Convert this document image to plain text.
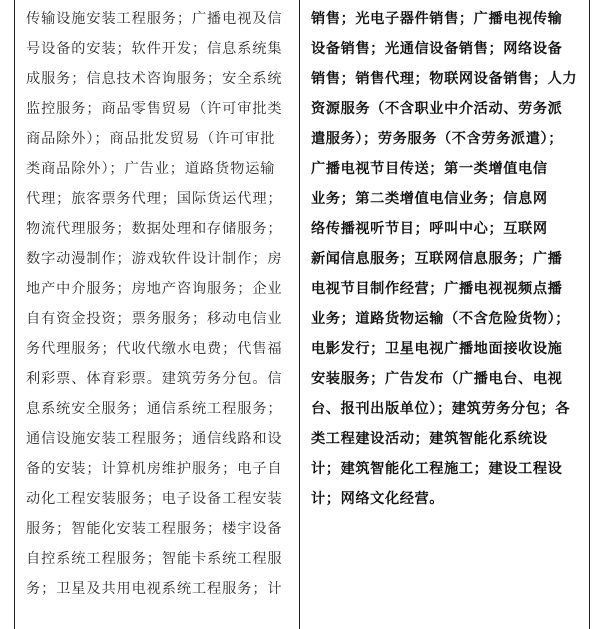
传输设施安装工程服务；广播电视及信
号设备的安装；软件开发；信息系统集
成服务；信息技术咨询服务；安全系统
监控服务；商品零售贸易（许可审批类
商品除外）；商品批发贸易（许可审批
类商品除外）；广告业；道路货物运输
代理；旅客票务代理；国际货运代理；
物流代理服务；数据处理和存储服务；
数字动漫制作；游戏软件设计制作；房
地产中介服务；房地产咨询服务；企业
自有资金投资；票务服务；移动电信业
务代理服务；代收代缴水电费；代售福
利彩票、体育彩票。建筑劳务分包。信
息系统安全服务；通信系统工程服务；
通信设施安装工程服务；通信线路和设
备的安装；计算机房维护服务；电子自
动化工程安装服务；电子设备工程安装
服务；智能化安装工程服务；楼宇设备
自控系统工程服务；智能卡系统工程服
务；卫星及共用电视系统工程服务；计
销售；光电子器件销售；广播电视传输
设备销售；光通信设备销售；网络设备
销售；销售代理；物联网设备销售；人力
资源服务（不含职业中介活动、劳务派
遣服务）；劳务服务（不含劳务派遣）；
广播电视节目传送；第一类增值电信
业务；第二类增值电信业务；信息网
络传播视听节目；呼叫中心；互联网
新闻信息服务；互联网信息服务；广播
电视节目制作经营；广播电视视频点播
业务；道路货物运输（不含危险货物）；
电影发行；卫星电视广播地面接收设施
安装服务；广告发布（广播电台、电视
台、报刊出版单位）；建筑劳务分包；各
类工程建设活动；建筑智能化系统设
计；建筑智能化工程施工；建设工程设
计；网络文化经营。
